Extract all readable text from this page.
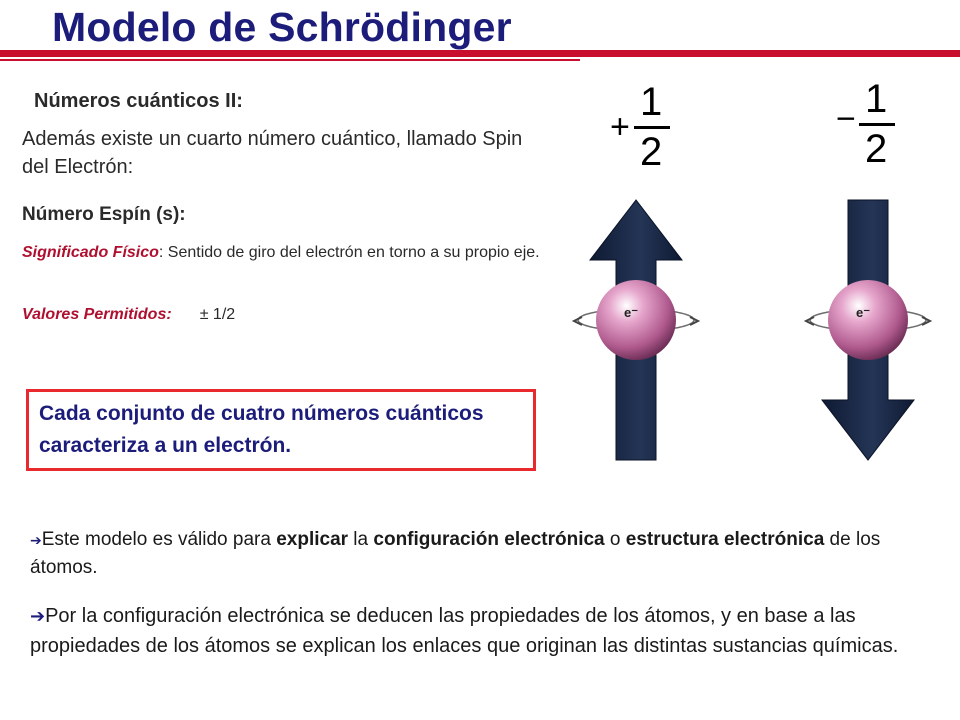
Modelo de Schrödinger
Números cuánticos II:
Además existe un cuarto número cuántico, llamado Spin del Electrón:
Número Espín (s):
Significado Físico: Sentido de giro del electrón en torno a su propio eje.
Valores Permitidos: ± 1/2
Cada conjunto de cuatro números cuánticos caracteriza a un electrón.
➔Este modelo es válido para explicar la configuración electrónica o estructura electrónica de los átomos.
➔Por la configuración electrónica se deducen las propiedades de los átomos, y en base a las propiedades de los átomos se explican los enlaces que originan las distintas sustancias químicas.
+
1
2
− 1
2
e⁻	e⁻
